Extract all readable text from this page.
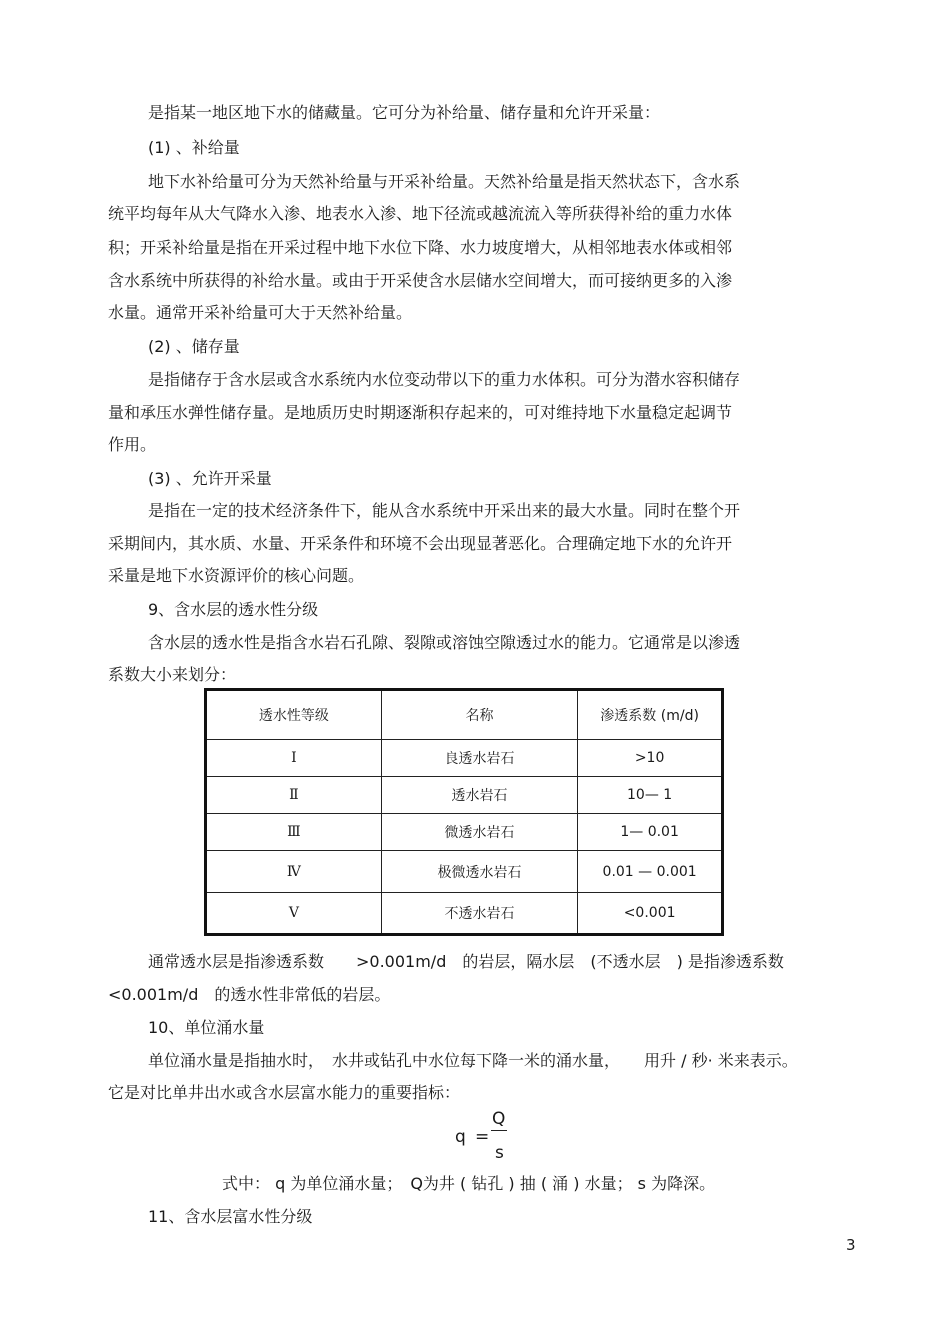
是指某一地区地下水的储藏量。它可分为补给量、储存量和允许开采量：
(1) 、补给量
地下水补给量可分为天然补给量与开采补给量。天然补给量是指天然状态下，含水系
统平均每年从大气降水入渗、地表水入渗、地下径流或越流流入等所获得补给的重力水体
积；开采补给量是指在开采过程中地下水位下降、水力坡度增大，从相邻地表水体或相邻
含水系统中所获得的补给水量。或由于开采使含水层储水空间增大，而可接纳更多的入渗
水量。通常开采补给量可大于天然补给量。
(2) 、储存量
是指储存于含水层或含水系统内水位变动带以下的重力水体积。可分为潜水容积储存
量和承压水弹性储存量。是地质历史时期逐渐积存起来的，可对维持地下水量稳定起调节
作用。
(3) 、允许开采量
是指在一定的技术经济条件下，能从含水系统中开采出来的最大水量。同时在整个开
采期间内，其水质、水量、开采条件和环境不会出现显著恶化。合理确定地下水的允许开
采量是地下水资源评价的核心问题。
9、含水层的透水性分级
含水层的透水性是指含水岩石孔隙、裂隙或溶蚀空隙透过水的能力。它通常是以渗透
系数大小来划分：
通常透水层是指渗透系数　　>0.001m/d　的岩层，隔水层　(不透水层　) 是指渗透系数
<0.001m/d　的透水性非常低的岩层。
10、单位涌水量
单位涌水量是指抽水时，　水井或钻孔中水位每下降一米的涌水量，　　用升 / 秒· 米来表示。
它是对比单井出水或含水层富水能力的重要指标：
式中： q 为单位涌水量；　Q为井 ( 钻孔 ) 抽 ( 涌 ) 水量； s 为降深。
11、含水层富水性分级
透水性等级	名称	渗透系数 (m/d)
Ⅰ	良透水岩石	>10
Ⅱ	透水岩石	10— 1
Ⅲ	微透水岩石	1— 0.01
Ⅳ	极微透水岩石	0.01 — 0.001
Ⅴ	不透水岩石	<0.001
q =
Q
s
3
